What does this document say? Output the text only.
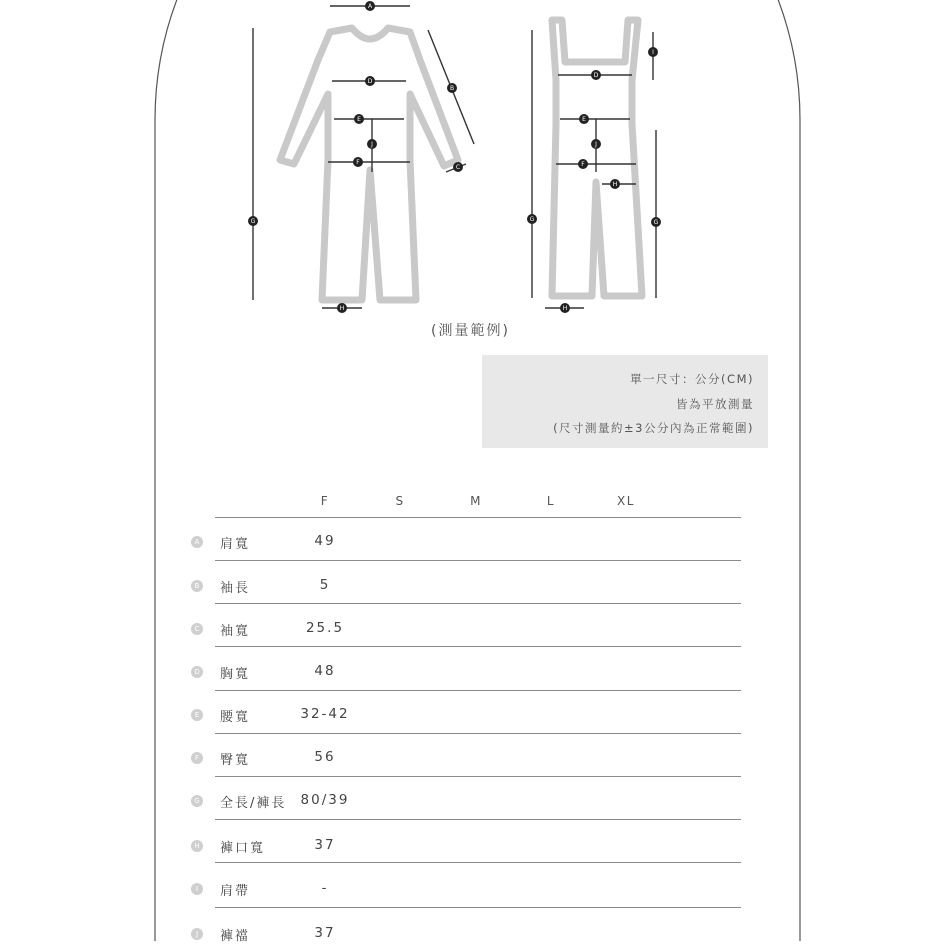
A
B
C
D
E
J
F
G
H
I
D
E
J
F
H
G	G
H
(測量範例)
單一尺寸：公分(CM)
皆為平放測量
(尺寸測量約±3公分內為正常範圍)
F	S	M	L	XL
A 肩寬	49
B 袖長	5
C 袖寬	25.5
D 胸寬	48
E 腰寬	32-42
F	臀寬	56
G 全長/褲長 80/39
H 褲口寬	37
I	肩帶	-
J	褲襠	37
